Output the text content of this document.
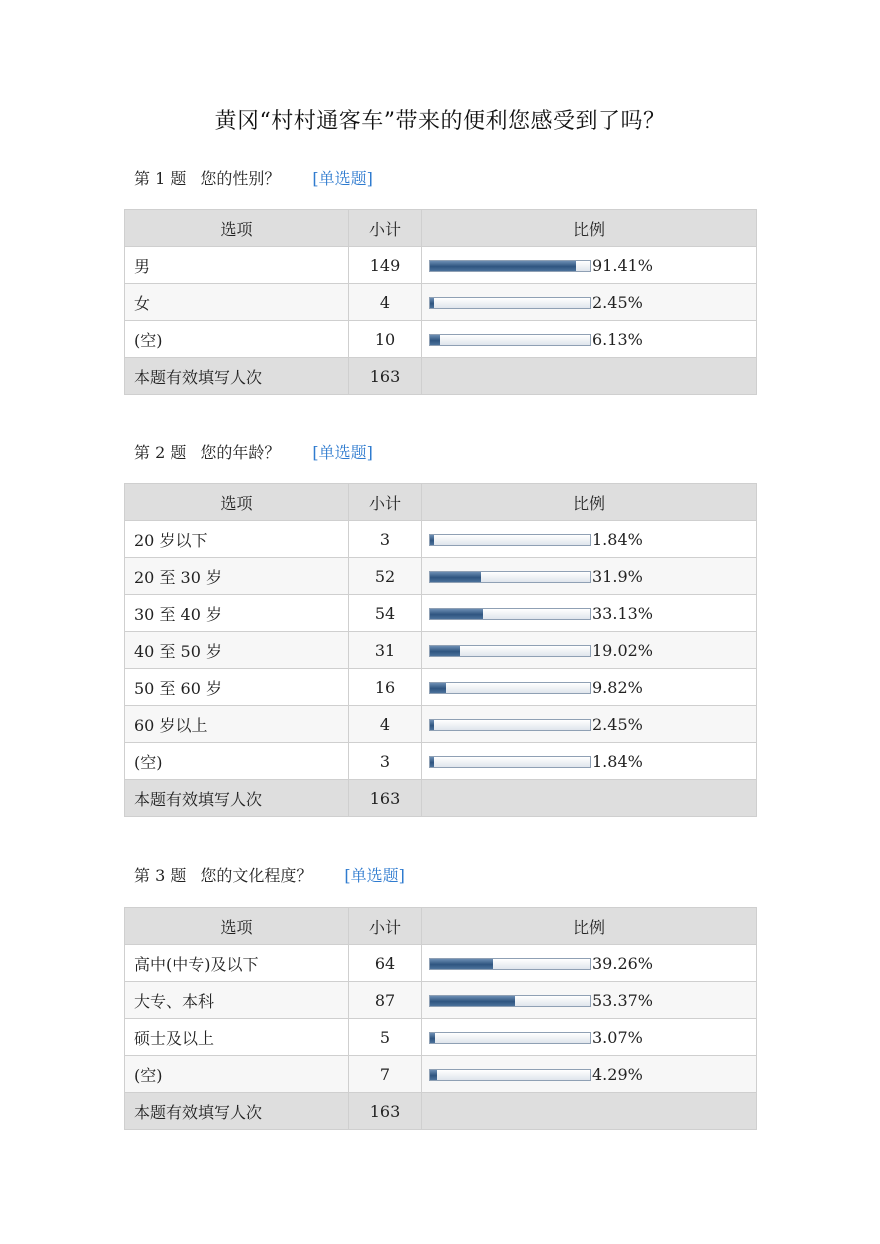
黄冈“村村通客车”带来的便利您感受到了吗？
第 1 题 您的性别？ [单选题]
选项	小计	比例
男	149	91.41%
女	4	2.45%
(空)	10	6.13%
本题有效填写人次	163	
第 2 题 您的年龄？ [单选题]
选项	小计	比例
20 岁以下	3	1.84%
20 至 30 岁	52	31.9%
30 至 40 岁	54	33.13%
40 至 50 岁	31	19.02%
50 至 60 岁	16	9.82%
60 岁以上	4	2.45%
(空)	3	1.84%
本题有效填写人次	163	
第 3 题 您的文化程度？ [单选题]
选项	小计	比例
高中(中专)及以下	64	39.26%
大专、本科	87	53.37%
硕士及以上	5	3.07%
(空)	7	4.29%
本题有效填写人次	163	
